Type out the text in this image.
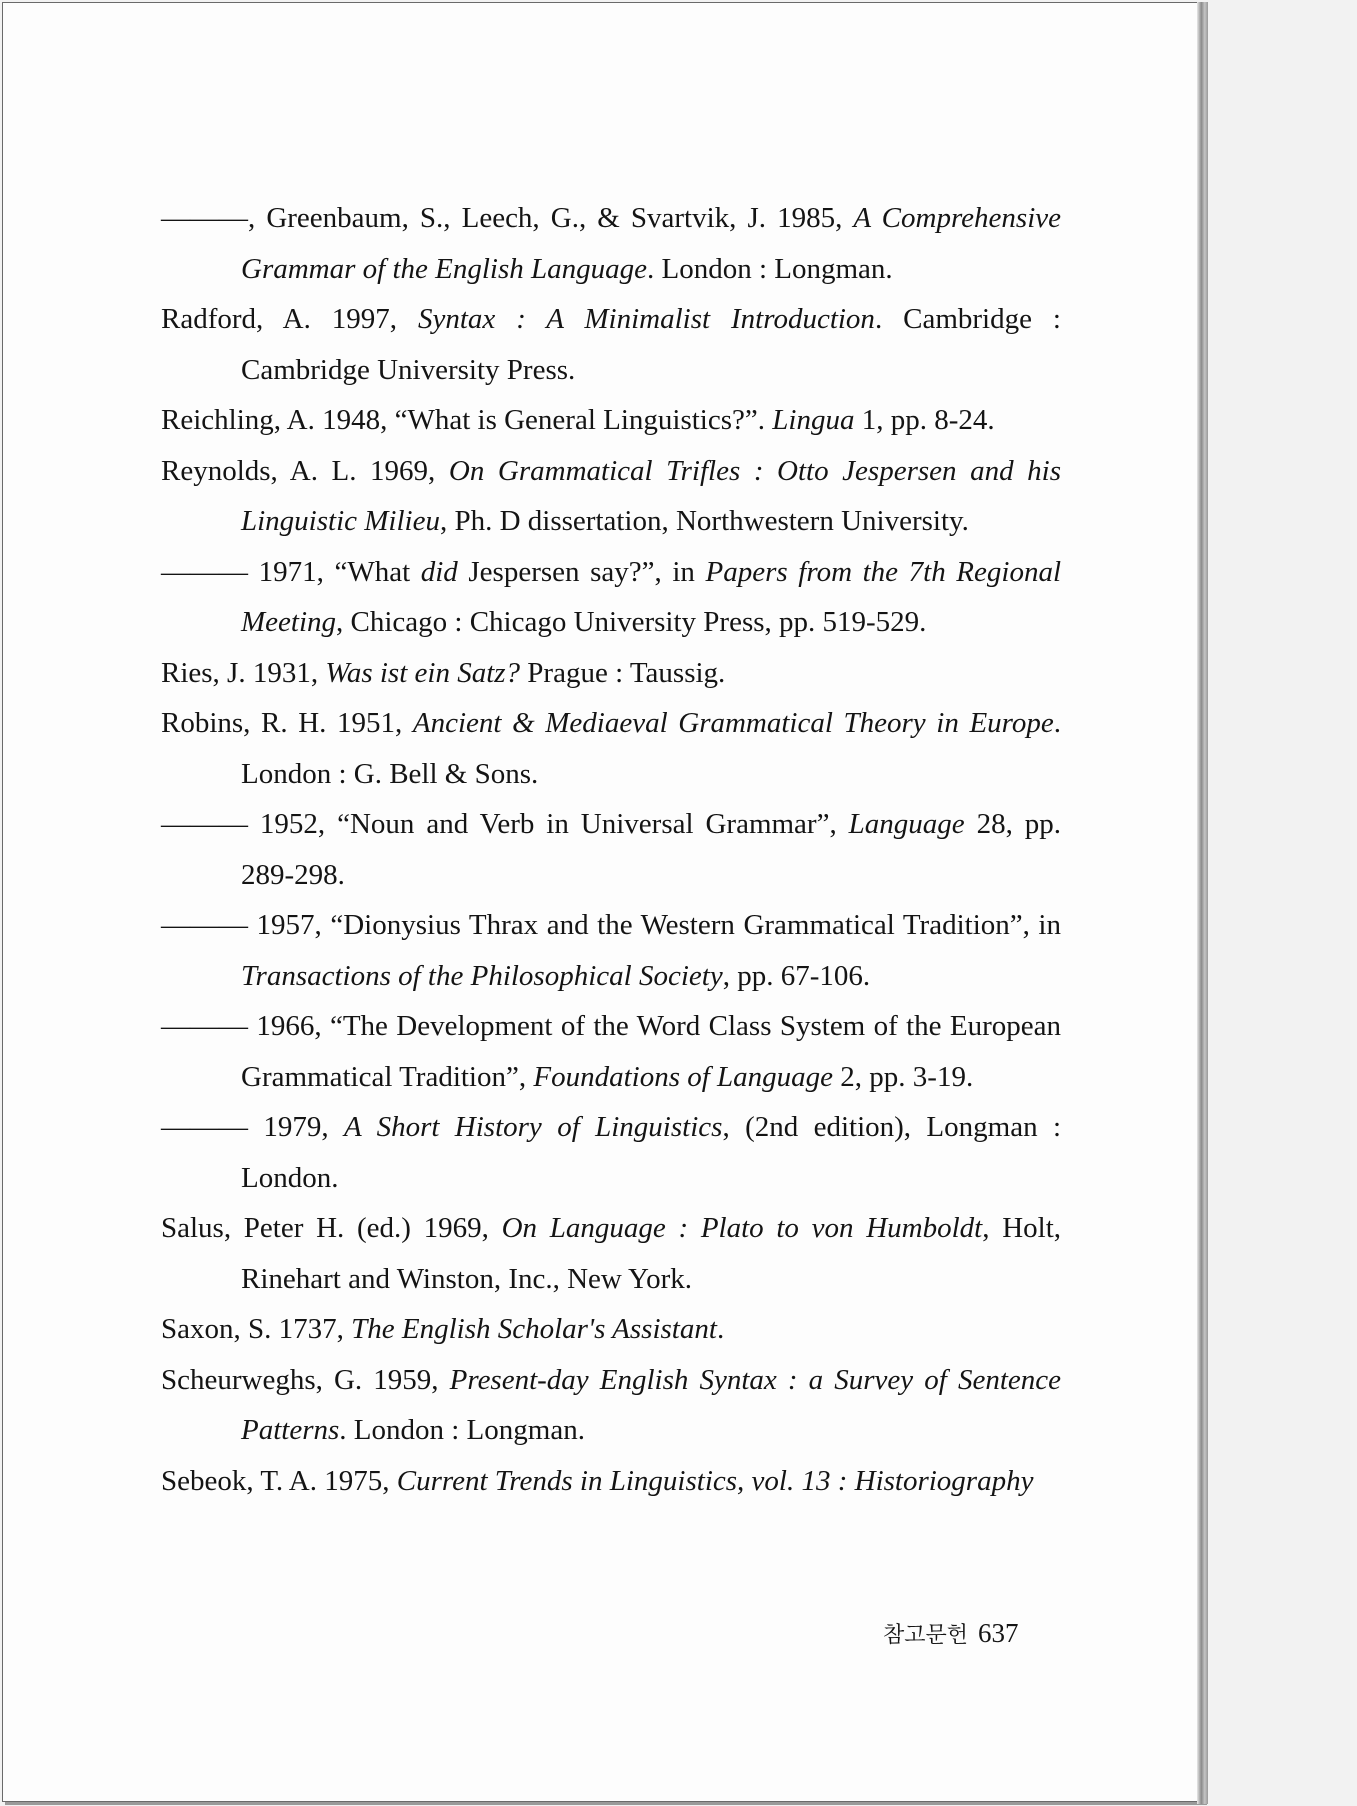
———, Greenbaum, S., Leech, G., & Svartvik, J. 1985, A Comprehensive Grammar of the English Language. London : Longman.
Radford, A. 1997, Syntax : A Minimalist Introduction. Cambridge : Cambridge University Press.
Reichling, A. 1948, “What is General Linguistics?”. Lingua 1, pp. 8-24.
Reynolds, A. L. 1969, On Grammatical Trifles : Otto Jespersen and his Linguistic Milieu, Ph. D dissertation, Northwestern University.
——— 1971, “What did Jespersen say?”, in Papers from the 7th Regional Meeting, Chicago : Chicago University Press, pp. 519-529.
Ries, J. 1931, Was ist ein Satz? Prague : Taussig.
Robins, R. H. 1951, Ancient & Mediaeval Grammatical Theory in Europe. London : G. Bell & Sons.
——— 1952, “Noun and Verb in Universal Grammar”, Language 28, pp. 289-298.
——— 1957, “Dionysius Thrax and the Western Grammatical Tradition”, in Transactions of the Philosophical Society, pp. 67-106.
——— 1966, “The Development of the Word Class System of the European Grammatical Tradition”, Foundations of Language 2, pp. 3-19.
——— 1979, A Short History of Linguistics, (2nd edition), Longman : London.
Salus, Peter H. (ed.) 1969, On Language : Plato to von Humboldt, Holt, Rinehart and Winston, Inc., New York.
Saxon, S. 1737, The English Scholar's Assistant.
Scheurweghs, G. 1959, Present-day English Syntax : a Survey of Sentence Patterns. London : Longman.
Sebeok, T. A. 1975, Current Trends in Linguistics, vol. 13 : Historiography
참고문헌 637
